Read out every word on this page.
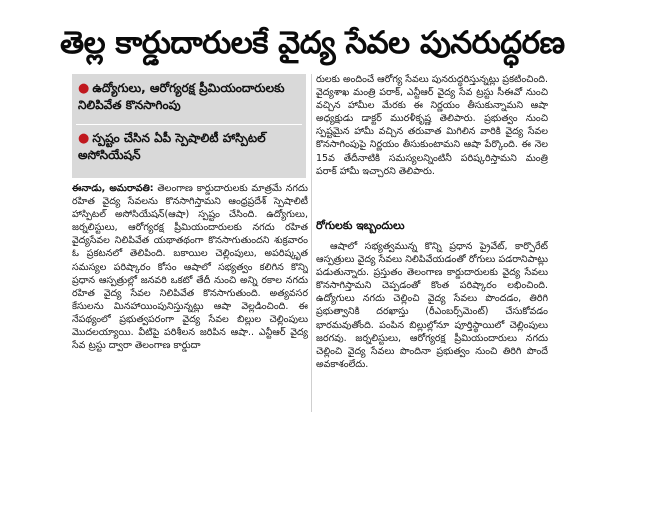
తెల్ల కార్డుదారులకే వైద్య సేవల పునరుద్ధరణ
● ఉద్యోగులు, ఆరోగ్యరక్ష ప్రీమియందారులకు నిలిపివేత కొనసాగింపు
● స్పష్టం చేసిన ఏపీ స్పెషాలిటీ హాస్పిటల్ అసోసియేషన్

ఈనాడు, అమరావతి: తెలంగాణ కార్డుదారులకు మాత్రమే నగదు రహిత వైద్య సేవలను కొనసాగిస్తామని ఆంధ్రప్రదేశ్ స్పెషాలిటీ హాస్పిటల్ అసోసియేషన్(ఆషా) స్పష్టం చేసింది. ఉద్యోగులు, జర్నలిస్టులు, ఆరోగ్యరక్ష ప్రీమియందారులకు నగదు రహిత వైద్యసేవల నిలిపివేత యథాతథంగా కొనసాగుతుందని శుక్రవారం ఓ ప్రకటనలో తెలిపింది. బకాయిల చెల్లింపులు, అపరిష్కృత సమస్యల పరిష్కారం కోసం ఆషాలో సభ్యత్వం కలిగిన కొన్ని ప్రధాన ఆస్పత్రుల్లో జనవరి ఒకటో తేదీ నుంచి అన్ని రకాల నగదు రహిత వైద్య సేవల నిలిపివేత కొనసాగుతుంది. అత్యవసర కేసులను మినహాయింపునిస్తున్నట్లు ఆషా వెల్లడించింది. ఈ నేపథ్యంలో ప్రభుత్వపరంగా వైద్య సేవల బిల్లుల చెల్లింపులు మొదలయ్యాయి. వీటిపై పరిశీలన జరిపిన ఆషా.. ఎన్టీఆర్ వైద్య సేవ ట్రస్టు ద్వారా తెలంగాణ కార్డుదా

రులకు అందించే ఆరోగ్య సేవలు పునరుద్ధరిస్తున్నట్లు ప్రకటించింది. వైద్యశాఖ మంత్రి పరాక్, ఎన్టీఆర్ వైద్య సేవ ట్రస్టు సీఈవో నుంచి వచ్చిన హామీల మేరకు ఈ నిర్ణయం తీసుకున్నామని ఆషా అధ్యక్షుడు డాక్టర్ మురళీకృష్ణ తెలిపారు. ప్రభుత్వం నుంచి స్పష్టమైన హామీ వచ్చిన తరువాత మిగిలిన వారికి వైద్య సేవల కొనసాగింపుపై నిర్ణయం తీసుకుంటామని ఆషా పేర్కొంది. ఈ నెల 15వ తేదీనాటికి సమస్యలన్నింటినీ పరిష్కరిస్తామని మంత్రి పరాక్ హామీ ఇచ్చారని తెలిపారు.

రోగులకు ఇబ్బందులు

ఆషాలో సభ్యత్వమున్న కొన్ని ప్రధాన ప్రైవేట్, కార్పొరేట్ ఆస్పత్రులు వైద్య సేవలు నిలిపివేయడంతో రోగులు పడరానిపాట్లు పడుతున్నారు. ప్రస్తుతం తెలంగాణ కార్డుదారులకు వైద్య సేవలు కొనసాగిస్తామని చెప్పడంతో కొంత పరిష్కారం లభించింది. ఉద్యోగులు నగదు చెల్లించి వైద్య సేవలు పొందడం, తిరిగి ప్రభుత్వానికి దరఖాస్తు (రీఎంబర్స్‌మెంట్) చేసుకోవడం భారమవుతోంది. పంపిన బిల్లుల్లోనూ పూర్తిస్థాయిలో చెల్లింపులు జరగవు. జర్నలిస్టులు, ఆరోగ్యరక్ష ప్రీమియందారులు నగదు చెల్లించి వైద్య సేవలు పొందినా ప్రభుత్వం నుంచి తిరిగి పొందే అవకాశంలేదు.
